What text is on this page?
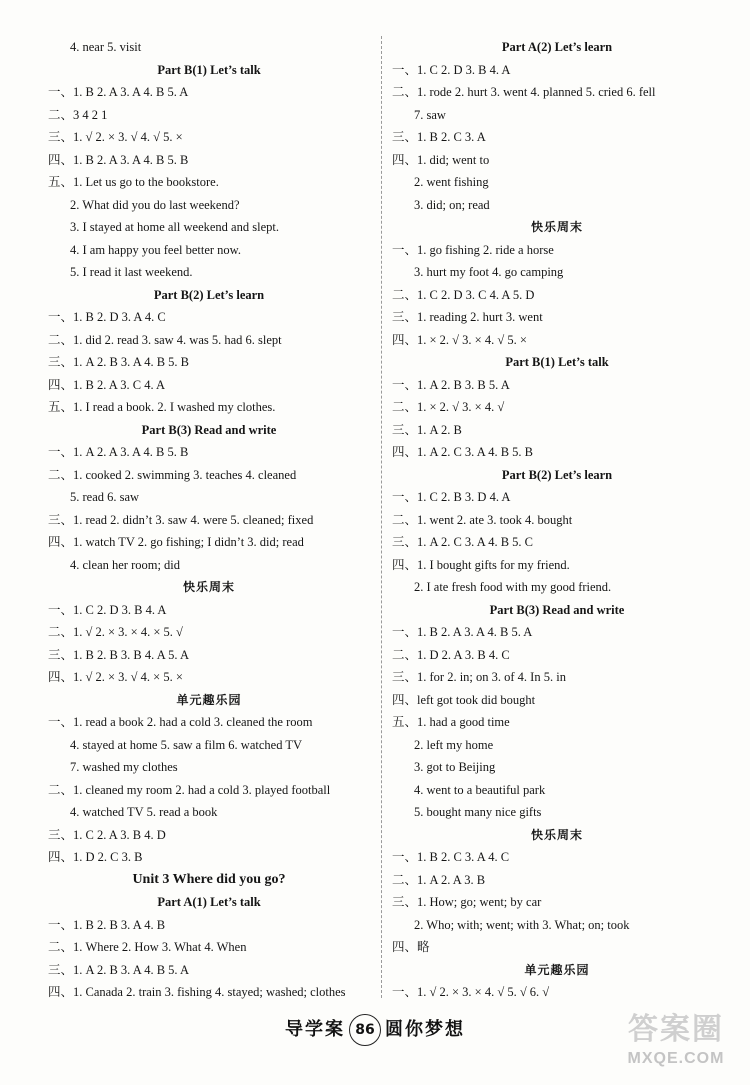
4. near 5. visit
Part B(1) Let’s talk
一、1. B 2. A 3. A 4. B 5. A
二、3 4 2 1
三、1. √ 2. × 3. √ 4. √ 5. ×
四、1. B 2. A 3. A 4. B 5. B
五、1. Let us go to the bookstore.
2. What did you do last weekend?
3. I stayed at home all weekend and slept.
4. I am happy you feel better now.
5. I read it last weekend.
Part B(2) Let’s learn
一、1. B 2. D 3. A 4. C
二、1. did 2. read 3. saw 4. was 5. had 6. slept
三、1. A 2. B 3. A 4. B 5. B
四、1. B 2. A 3. C 4. A
五、1. I read a book. 2. I washed my clothes.
Part B(3) Read and write
一、1. A 2. A 3. A 4. B 5. B
二、1. cooked 2. swimming 3. teaches 4. cleaned
5. read 6. saw
三、1. read 2. didn’t 3. saw 4. were 5. cleaned; fixed
四、1. watch TV 2. go fishing; I didn’t 3. did; read
4. clean her room; did
快乐周末
一、1. C 2. D 3. B 4. A
二、1. √ 2. × 3. × 4. × 5. √
三、1. B 2. B 3. B 4. A 5. A
四、1. √ 2. × 3. √ 4. × 5. ×
单元趣乐园
一、1. read a book 2. had a cold 3. cleaned the room
4. stayed at home 5. saw a film 6. watched TV
7. washed my clothes
二、1. cleaned my room 2. had a cold 3. played football
4. watched TV 5. read a book
三、1. C 2. A 3. B 4. D
四、1. D 2. C 3. B
Unit 3 Where did you go?
Part A(1) Let’s talk
一、1. B 2. B 3. A 4. B
二、1. Where 2. How 3. What 4. When
三、1. A 2. B 3. A 4. B 5. A
四、1. Canada 2. train 3. fishing 4. stayed; washed; clothes
Part A(2) Let’s learn
一、1. C 2. D 3. B 4. A
二、1. rode 2. hurt 3. went 4. planned 5. cried 6. fell
7. saw
三、1. B 2. C 3. A
四、1. did; went to
2. went fishing
3. did; on; read
快乐周末
一、1. go fishing 2. ride a horse
3. hurt my foot 4. go camping
二、1. C 2. D 3. C 4. A 5. D
三、1. reading 2. hurt 3. went
四、1. × 2. √ 3. × 4. √ 5. ×
Part B(1) Let’s talk
一、1. A 2. B 3. B 5. A
二、1. × 2. √ 3. × 4. √
三、1. A 2. B
四、1. A 2. C 3. A 4. B 5. B
Part B(2) Let’s learn
一、1. C 2. B 3. D 4. A
二、1. went 2. ate 3. took 4. bought
三、1. A 2. C 3. A 4. B 5. C
四、1. I bought gifts for my friend.
2. I ate fresh food with my good friend.
Part B(3) Read and write
一、1. B 2. A 3. A 4. B 5. A
二、1. D 2. A 3. B 4. C
三、1. for 2. in; on 3. of 4. In 5. in
四、left got took did bought
五、1. had a good time
2. left my home
3. got to Beijing
4. went to a beautiful park
5. bought many nice gifts
快乐周末
一、1. B 2. C 3. A 4. C
二、1. A 2. A 3. B
三、1. How; go; went; by car
2. Who; with; went; with 3. What; on; took
四、略
单元趣乐园
一、1. √ 2. × 3. × 4. √ 5. √ 6. √
导学案 86 圆你梦想	答案圈
MXQE.COM
